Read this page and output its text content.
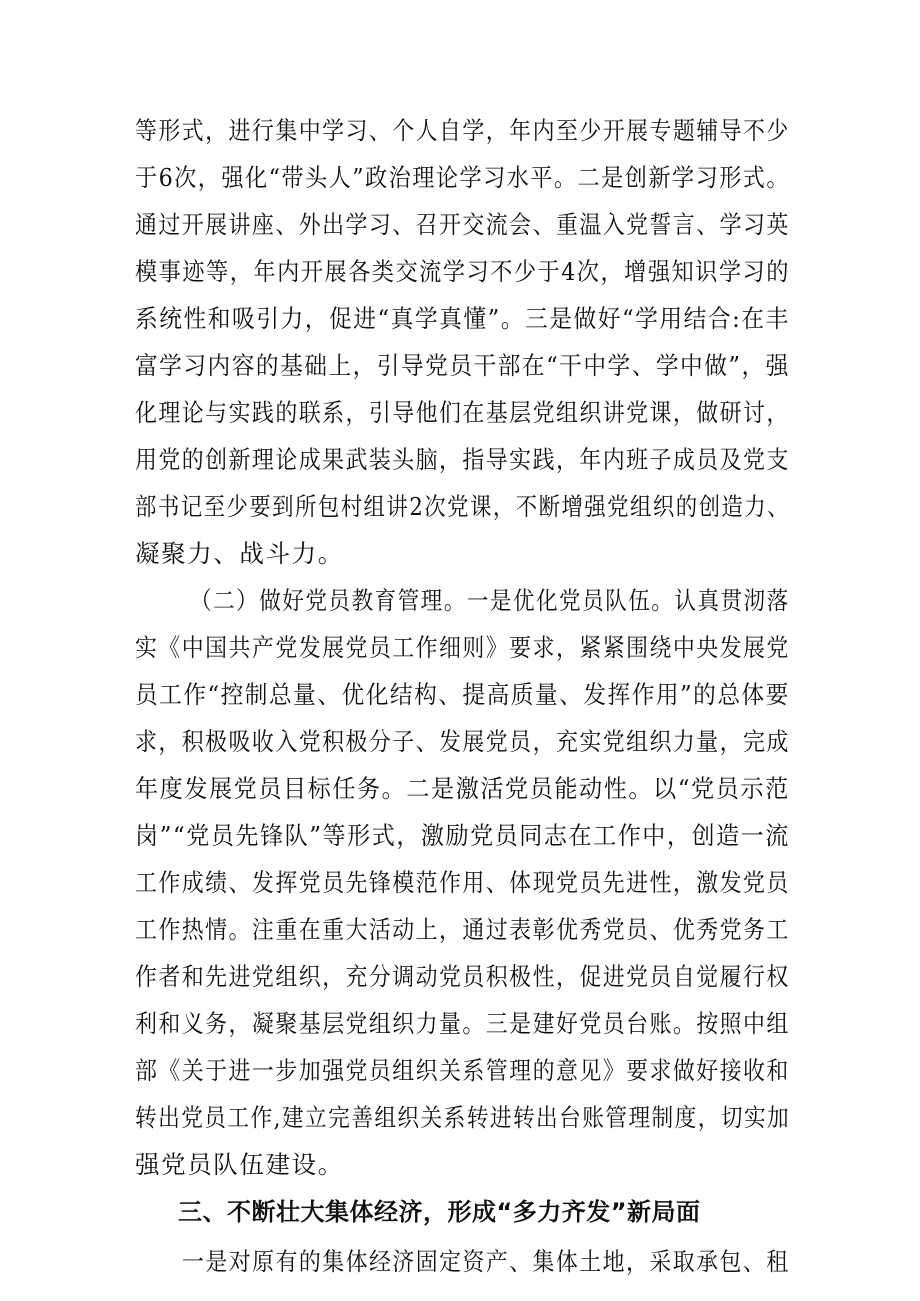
等形式，进行集中学习、个人自学，年内至少开展专题辅导不少
于6次，强化“带头人”政治理论学习水平。二是创新学习形式。
通过开展讲座、外出学习、召开交流会、重温入党誓言、学习英
模事迹等，年内开展各类交流学习不少于4次，增强知识学习的
系统性和吸引力，促进“真学真懂”。三是做好“学用结合:在丰
富学习内容的基础上，引导党员干部在“干中学、学中做”，强
化理论与实践的联系，引导他们在基层党组织讲党课，做研讨，
用党的创新理论成果武装头脑，指导实践，年内班子成员及党支
部书记至少要到所包村组讲2次党课，不断增强党组织的创造力、
凝聚力、战斗力。
（二）做好党员教育管理。一是优化党员队伍。认真贯沏落
实《中国共产党发展党员工作细则》要求，紧紧围绕中央发展党
员工作“控制总量、优化结构、提高质量、发挥作用”的总体要
求，积极吸收入党积极分子、发展党员，充实党组织力量，完成
年度发展党员目标任务。二是激活党员能动性。以“党员示范
岗”“党员先锋队”等形式，激励党员同志在工作中，创造一流
工作成绩、发挥党员先锋模范作用、体现党员先进性，激发党员
工作热情。注重在重大活动上，通过表彰优秀党员、优秀党务工
作者和先进党组织，充分调动党员积极性，促进党员自觉履行权
利和义务，凝聚基层党组织力量。三是建好党员台账。按照中组
部《关于进一步加强党员组织关系管理的意见》要求做好接收和
转出党员工作,建立完善组织关系转进转出台账管理制度，切实加
强党员队伍建设。
三、不断壮大集体经济，形成“多力齐发”新局面
一是对原有的集体经济固定资产、集体土地，采取承包、租
